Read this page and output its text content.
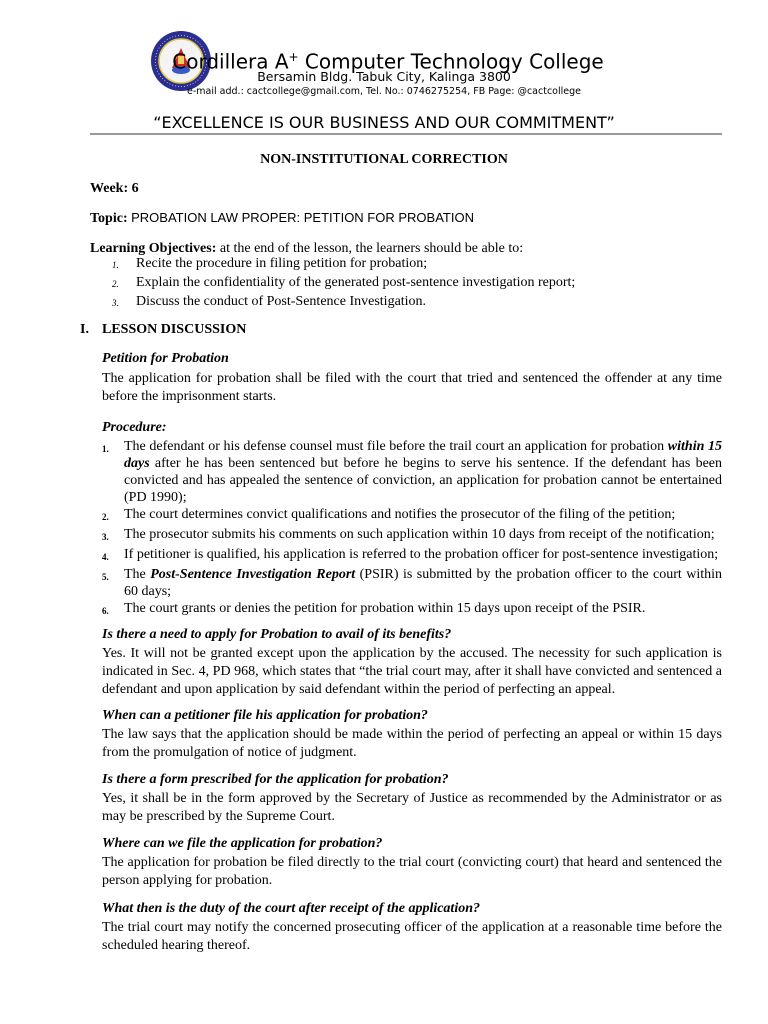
Cordillera A+ Computer Technology College
Bersamin Bldg. Tabuk City, Kalinga 3800
e-mail add.: cactcollege@gmail.com, Tel. No.: 0746275254, FB Page: @cactcollege
“EXCELLENCE IS OUR BUSINESS AND OUR COMMITMENT”
NON-INSTITUTIONAL CORRECTION
Week: 6
Topic: PROBATION LAW PROPER: PETITION FOR PROBATION
Learning Objectives: at the end of the lesson, the learners should be able to:
1.	Recite the procedure in filing petition for probation;
2.	Explain the confidentiality of the generated post-sentence investigation report;
3.	Discuss the conduct of Post-Sentence Investigation.
I. LESSON DISCUSSION
Petition for Probation
The application for probation shall be filed with the court that tried and sentenced the offender at any time before the imprisonment starts.
Procedure:
1.	The defendant or his defense counsel must file before the trail court an application for probation within 15 days after he has been sentenced but before he begins to serve his sentence. If the defendant has been convicted and has appealed the sentence of conviction, an application for probation cannot be entertained (PD 1990);
2.	The court determines convict qualifications and notifies the prosecutor of the filing of the petition;
3.	The prosecutor submits his comments on such application within 10 days from receipt of the notification;
4.	If petitioner is qualified, his application is referred to the probation officer for post-sentence investigation;
5.	The Post-Sentence Investigation Report (PSIR) is submitted by the probation officer to the court within 60 days;
6.	The court grants or denies the petition for probation within 15 days upon receipt of the PSIR.
Is there a need to apply for Probation to avail of its benefits?
Yes. It will not be granted except upon the application by the accused. The necessity for such application is indicated in Sec. 4, PD 968, which states that “the trial court may, after it shall have convicted and sentenced a defendant and upon application by said defendant within the period of perfecting an appeal.
When can a petitioner file his application for probation?
The law says that the application should be made within the period of perfecting an appeal or within 15 days from the promulgation of notice of judgment.
Is there a form prescribed for the application for probation?
Yes, it shall be in the form approved by the Secretary of Justice as recommended by the Administrator or as may be prescribed by the Supreme Court.
Where can we file the application for probation?
The application for probation be filed directly to the trial court (convicting court) that heard and sentenced the person applying for probation.
What then is the duty of the court after receipt of the application?
The trial court may notify the concerned prosecuting officer of the application at a reasonable time before the scheduled hearing thereof.
